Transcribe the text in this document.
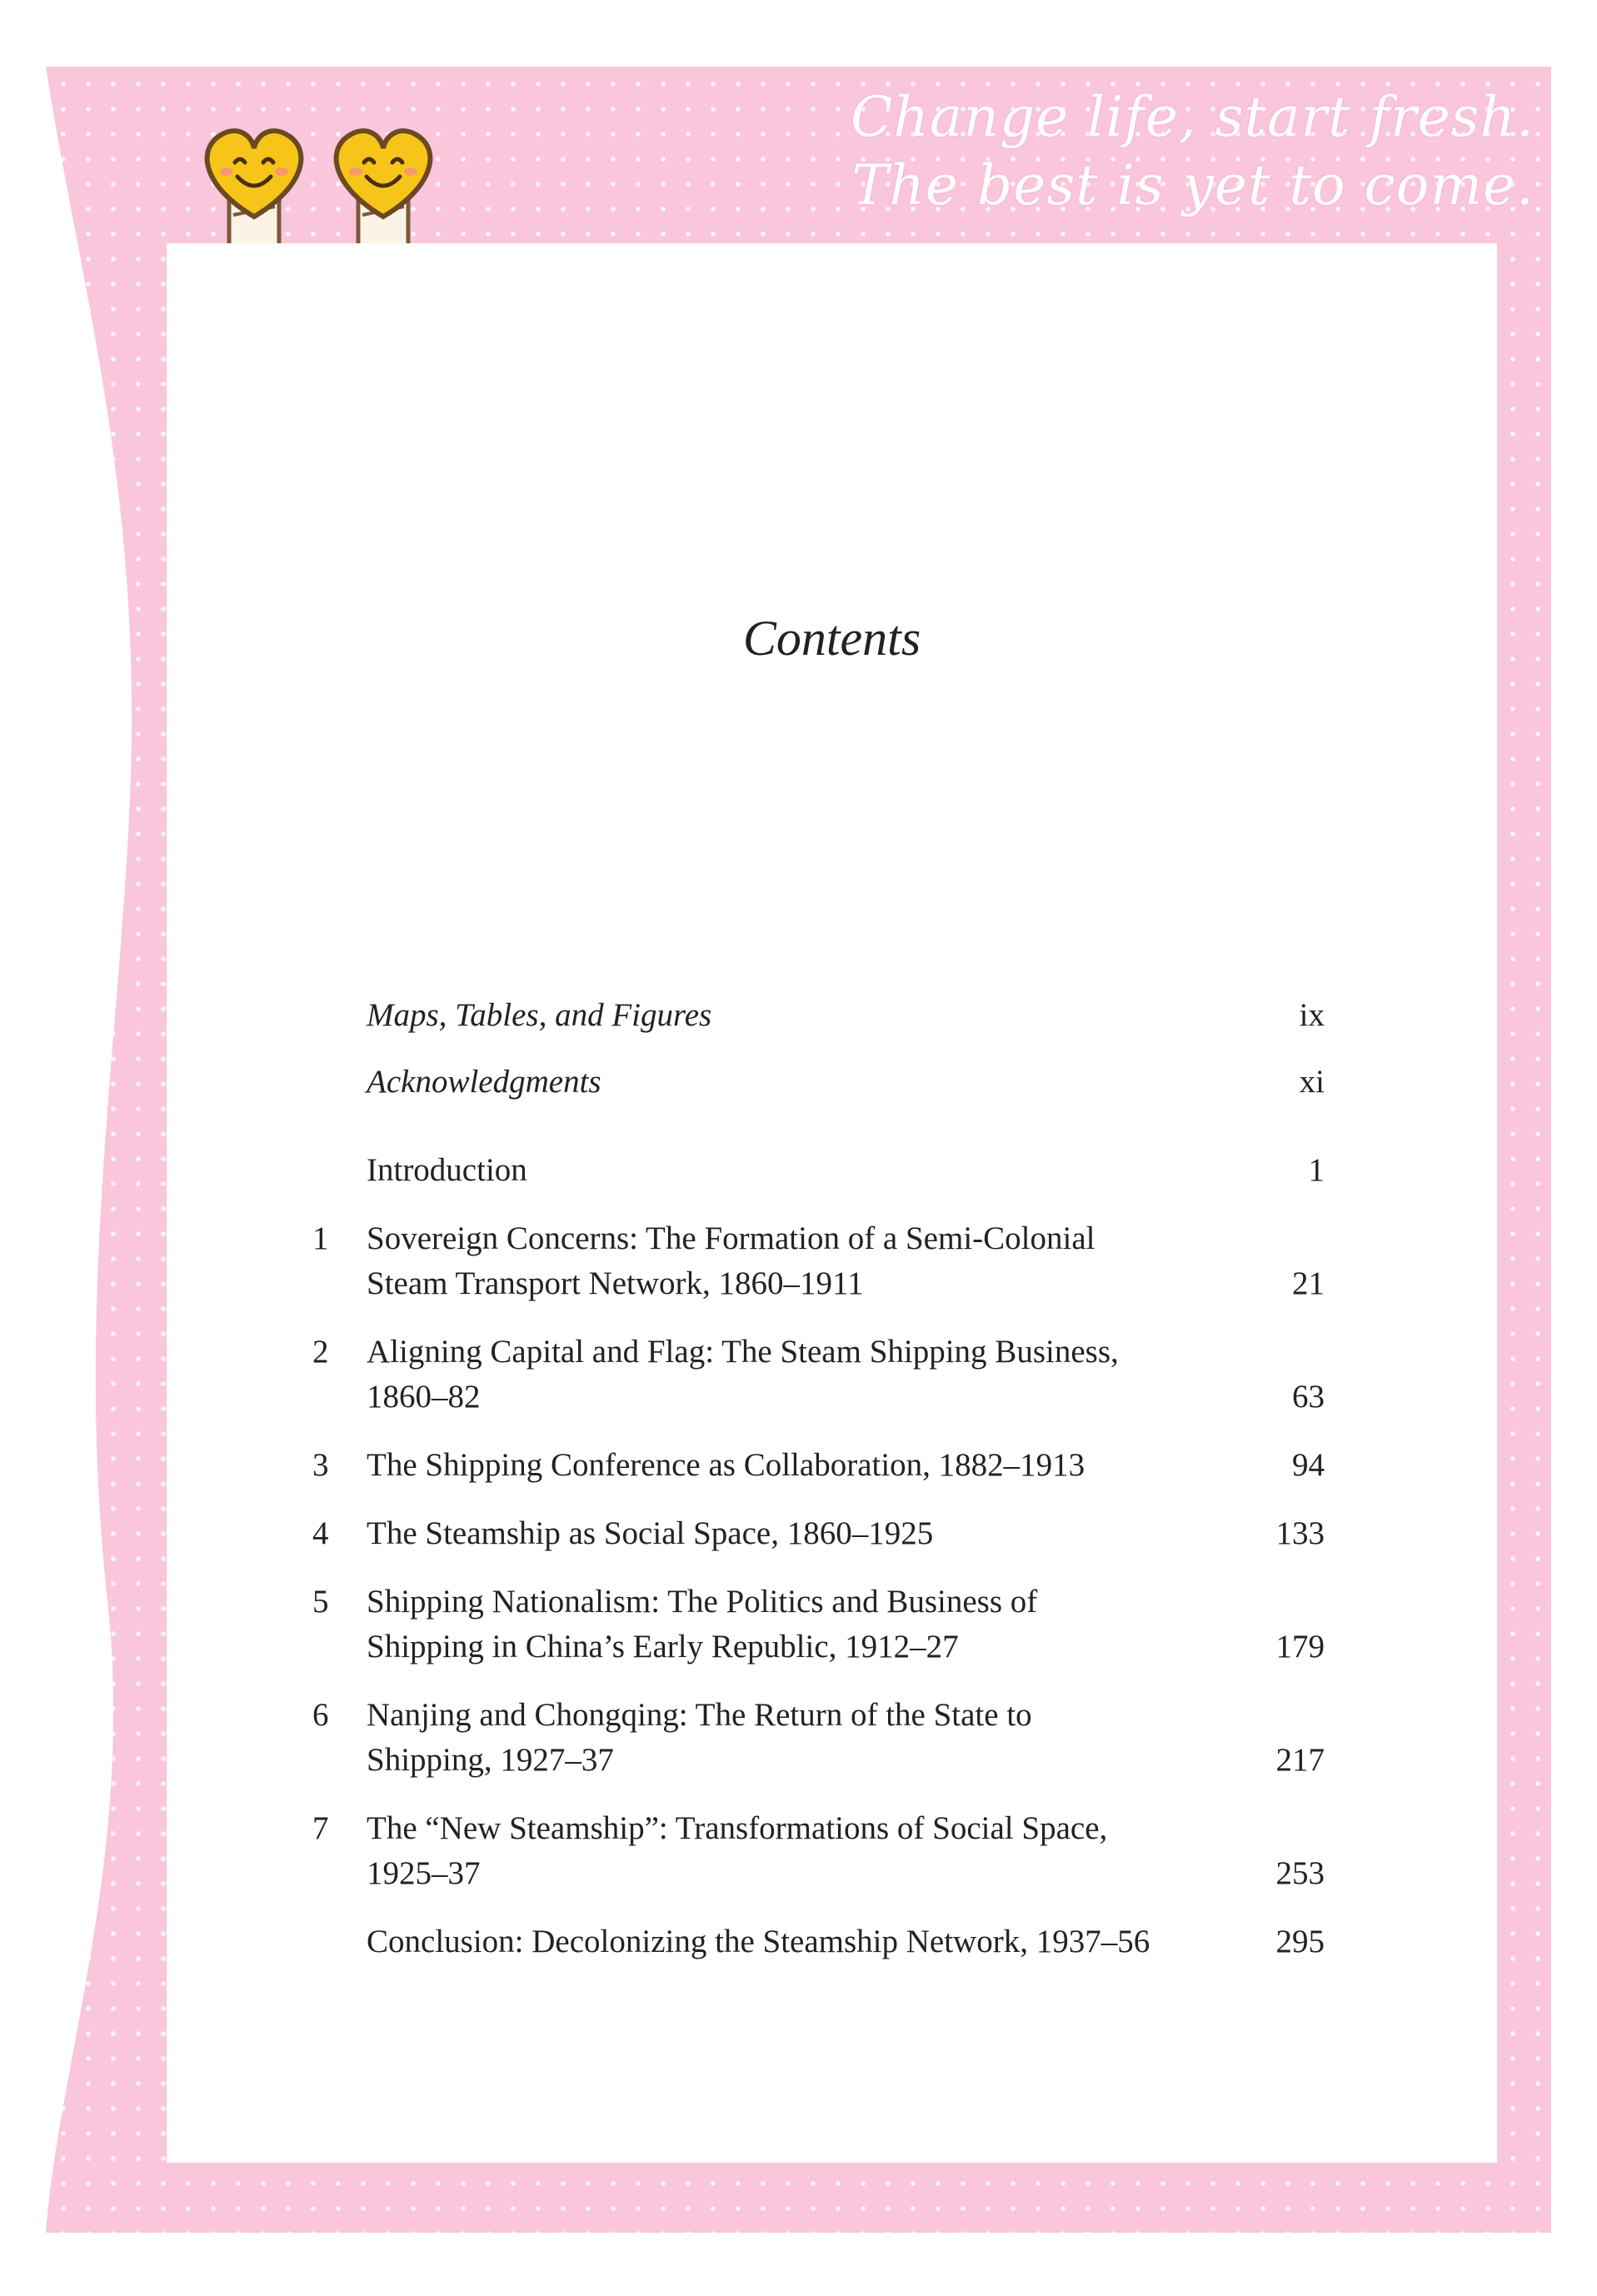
Change life, start fresh.
The best is yet to come.
Contents
Maps, Tables, and Figures	ix
Acknowledgments	xi
Introduction	1
1 Sovereign Concerns: The Formation of a Semi-Colonial
Steam Transport Network, 1860–1911	21
2 Aligning Capital and Flag: The Steam Shipping Business,
1860–82	63
3 The Shipping Conference as Collaboration, 1882–1913	94
4 The Steamship as Social Space, 1860–1925	133
5 Shipping Nationalism: The Politics and Business of
Shipping in China’s Early Republic, 1912–27	179
6 Nanjing and Chongqing: The Return of the State to
Shipping, 1927–37	217
7 The “New Steamship”: Transformations of Social Space,
1925–37	253
Conclusion: Decolonizing the Steamship Network, 1937–56	295
